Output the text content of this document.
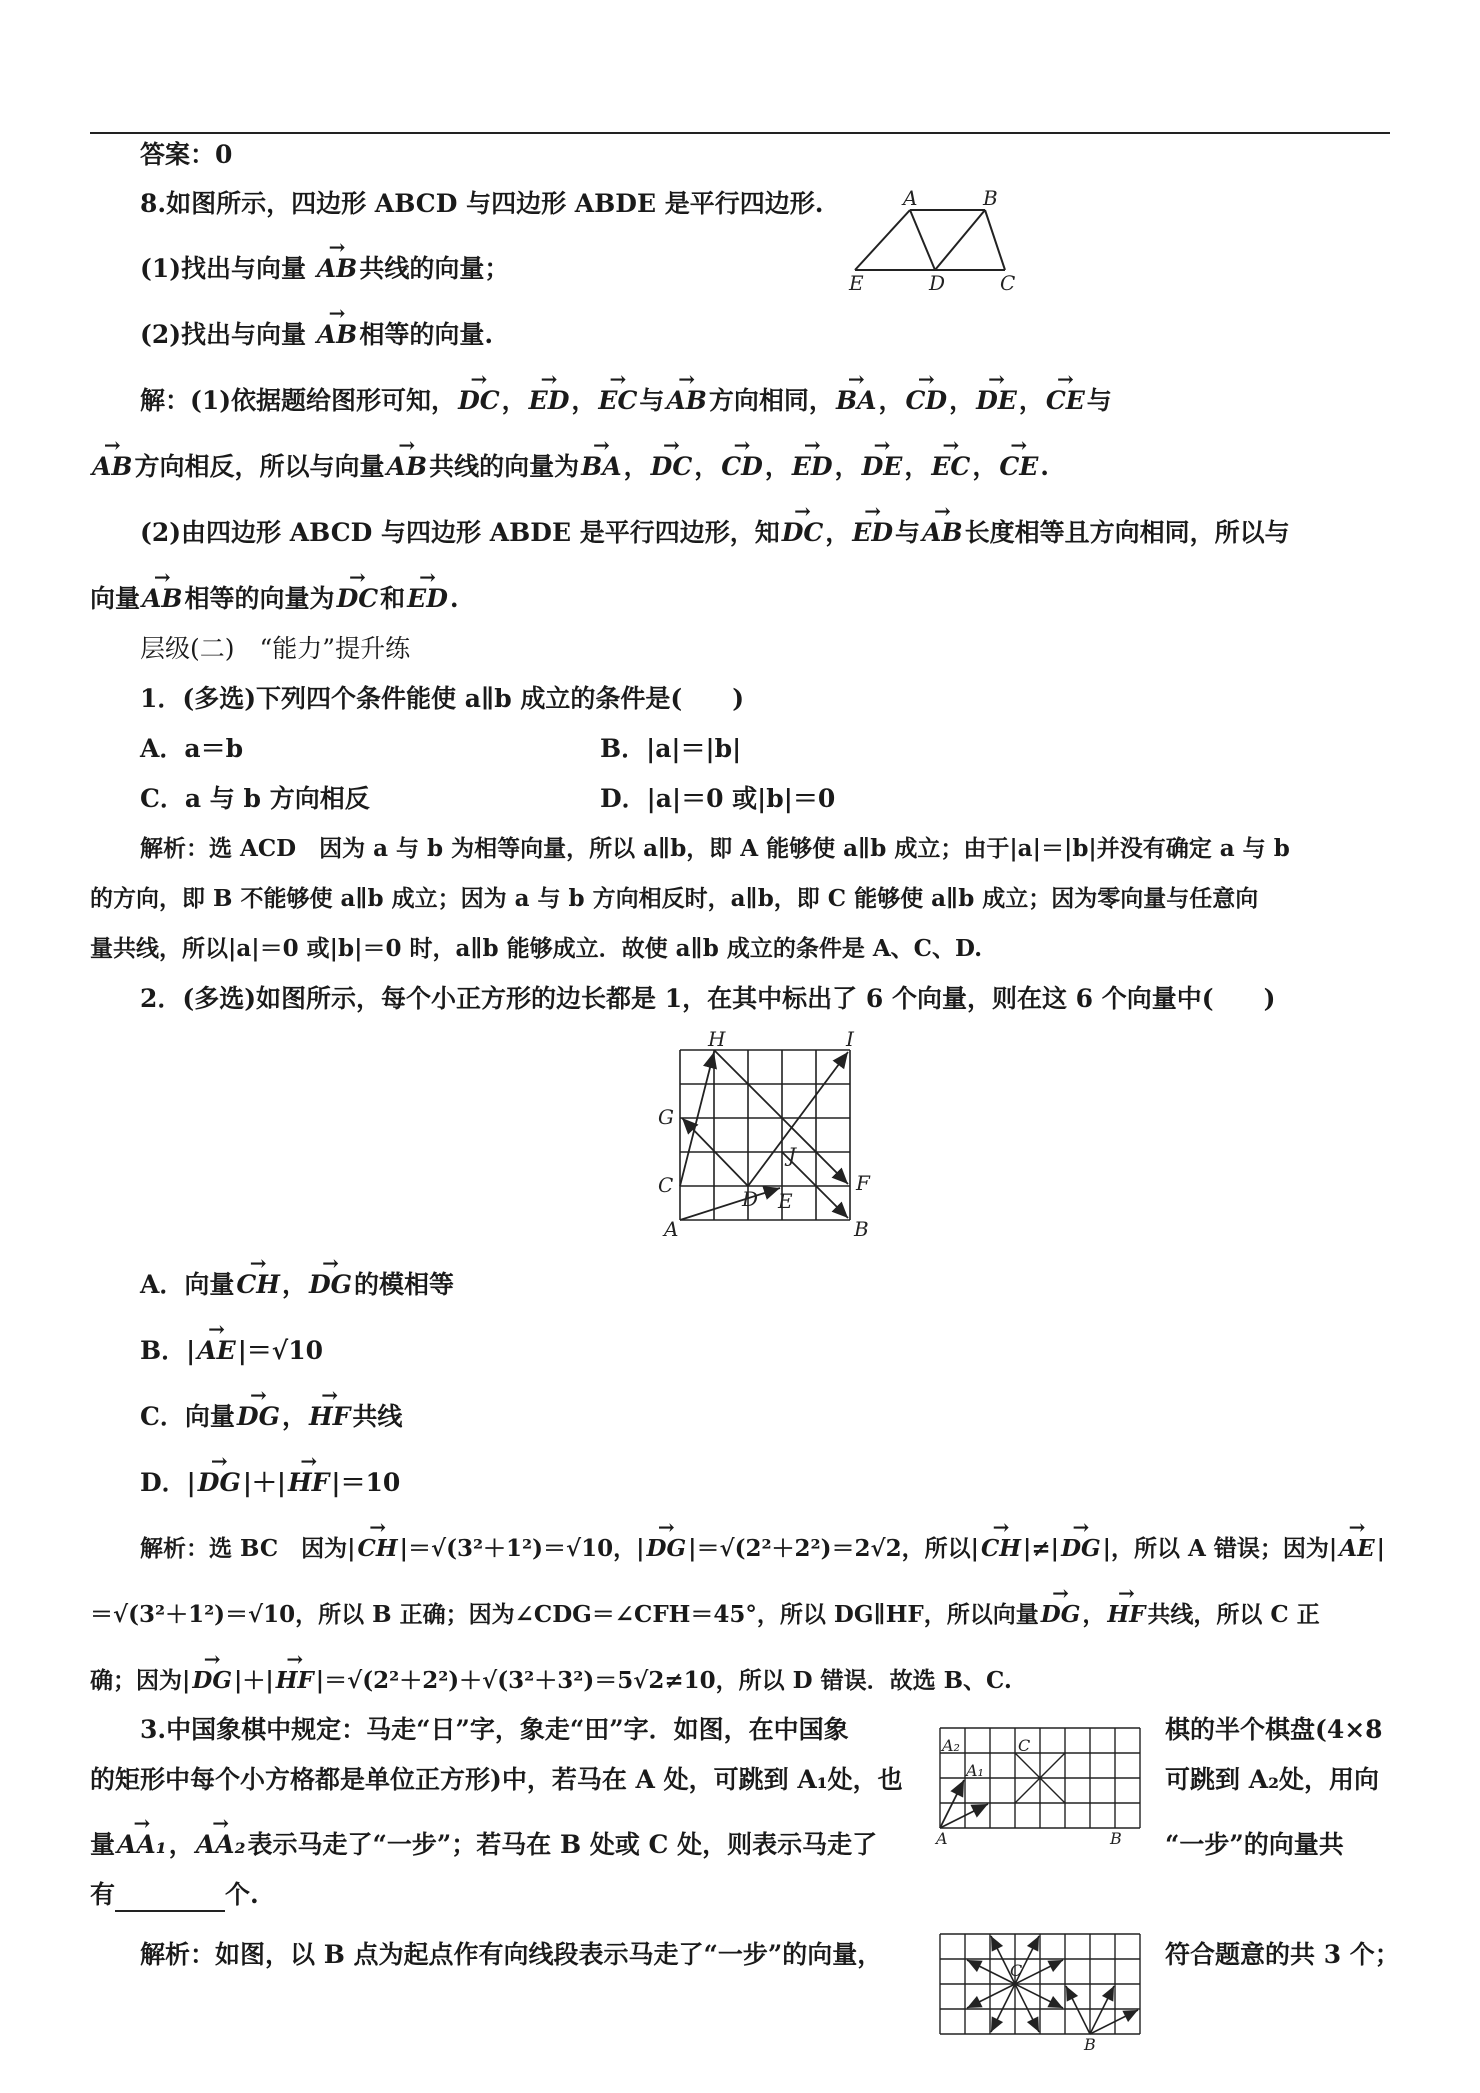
答案：0
8.如图所示，四边形 ABCD 与四边形 ABDE 是平行四边形.
(1)找出与向量 → AB共线的向量；
(2)找出与向量 → AB相等的向量.
A	B
E	D	C
解：(1)依据题给图形可知，→ DC，→ ED，→ EC与→ AB方向相同，→ BA，→ CD，→ DE，→ CE与
→ AB方向相反，所以与向量→ AB共线的向量为→ BA，→ DC，→ CD，→ ED，→ DE，→ EC，→ CE.
(2)由四边形 ABCD 与四边形 ABDE 是平行四边形，知→ DC，→ ED与→ AB长度相等且方向相同，所以与
向量→ AB相等的向量为→ DC和→ ED.
层级(二)　“能力”提升练
1．(多选)下列四个条件能使 a∥b 成立的条件是(　　)
A．a＝b	B．|a|＝|b|
C．a 与 b 方向相反	D．|a|＝0 或|b|＝0
解析：选 ACD　因为 a 与 b 为相等向量，所以 a∥b，即 A 能够使 a∥b 成立；由于|a|＝|b|并没有确定 a 与 b
的方向，即 B 不能够使 a∥b 成立；因为 a 与 b 方向相反时，a∥b，即 C 能够使 a∥b 成立；因为零向量与任意向
量共线，所以|a|＝0 或|b|＝0 时，a∥b 能够成立．故使 a∥b 成立的条件是 A、C、D.
2．(多选)如图所示，每个小正方形的边长都是 1，在其中标出了 6 个向量，则在这 6 个向量中(　　)
H	I
G
J
C
D E
F
A	B
A．向量→ CH，→ DG的模相等
B．|→ AE|＝√10
C．向量→ DG，→ HF共线
D．|→ DG|＋|→ HF|＝10
解析：选 BC　因为|→ CH|＝√(3²＋1²)＝√10，|→ DG|＝√(2²＋2²)＝2√2，所以|→ CH|≠|→ DG|，所以 A 错误；因为|→ AE|
＝√(3²＋1²)＝√10，所以 B 正确；因为∠CDG＝∠CFH＝45°，所以 DG∥HF，所以向量→ DG，→ HF共线，所以 C 正
确；因为|→ DG|＋|→ HF|＝√(2²＋2²)＋√(3²＋3²)＝5√2≠10，所以 D 错误．故选 B、C.
3.中国象棋中规定：马走“日”字，象走“田”字．如图，在中国象	棋的半个棋盘(4×8
的矩形中每个小方格都是单位正方形)中，若马在 A 处，可跳到 A₁处，也	可跳到 A₂处，用向
量→ AA₁，→ AA₂表示马走了“一步”；若马在 B 处或 C 处，则表示马走了	“一步”的向量共
有	个.
A₂
A₁
C
A	B
解析：如图，以 B 点为起点作有向线段表示马走了“一步”的向量，	符合题意的共 3 个；
C
B
